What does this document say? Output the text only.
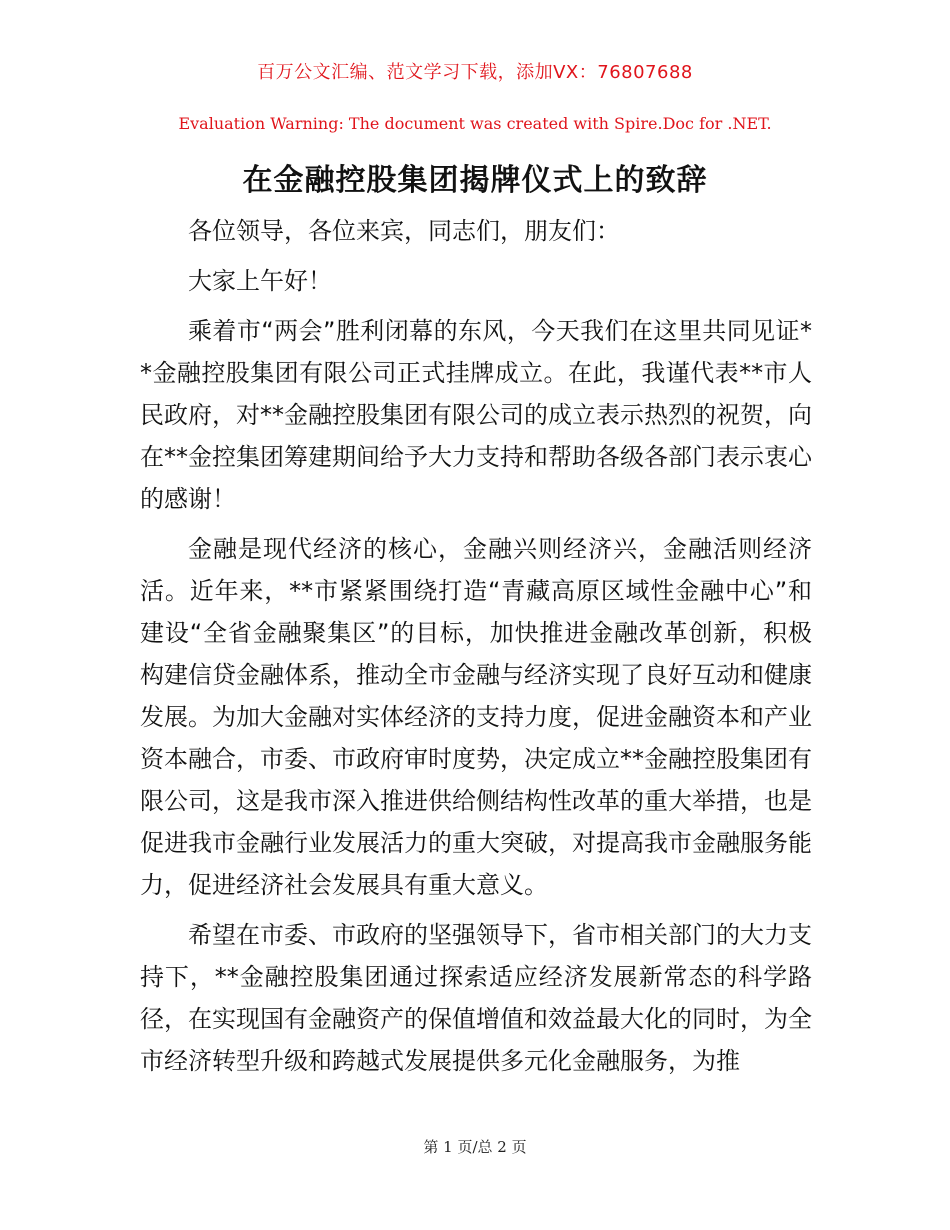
百万公文汇编、范文学习下载，添加VX：76807688
Evaluation Warning: The document was created with Spire.Doc for .NET.
在金融控股集团揭牌仪式上的致辞

各位领导，各位来宾，同志们，朋友们：

大家上午好！

乘着市“两会”胜利闭幕的东风，今天我们在这里共同见证**金融控股集团有限公司正式挂牌成立。在此，我谨代表**市人民政府，对**金融控股集团有限公司的成立表示热烈的祝贺，向在**金控集团筹建期间给予大力支持和帮助各级各部门表示衷心的感谢！

金融是现代经济的核心，金融兴则经济兴，金融活则经济活。近年来，**市紧紧围绕打造“青藏高原区域性金融中心”和建设“全省金融聚集区”的目标，加快推进金融改革创新，积极构建信贷金融体系，推动全市金融与经济实现了良好互动和健康发展。为加大金融对实体经济的支持力度，促进金融资本和产业资本融合，市委、市政府审时度势，决定成立**金融控股集团有限公司，这是我市深入推进供给侧结构性改革的重大举措，也是促进我市金融行业发展活力的重大突破，对提高我市金融服务能力，促进经济社会发展具有重大意义。

希望在市委、市政府的坚强领导下，省市相关部门的大力支持下，**金融控股集团通过探索适应经济发展新常态的科学路径，在实现国有金融资产的保值增值和效益最大化的同时，为全市经济转型升级和跨越式发展提供多元化金融服务，为推

第 1 页/总 2 页
